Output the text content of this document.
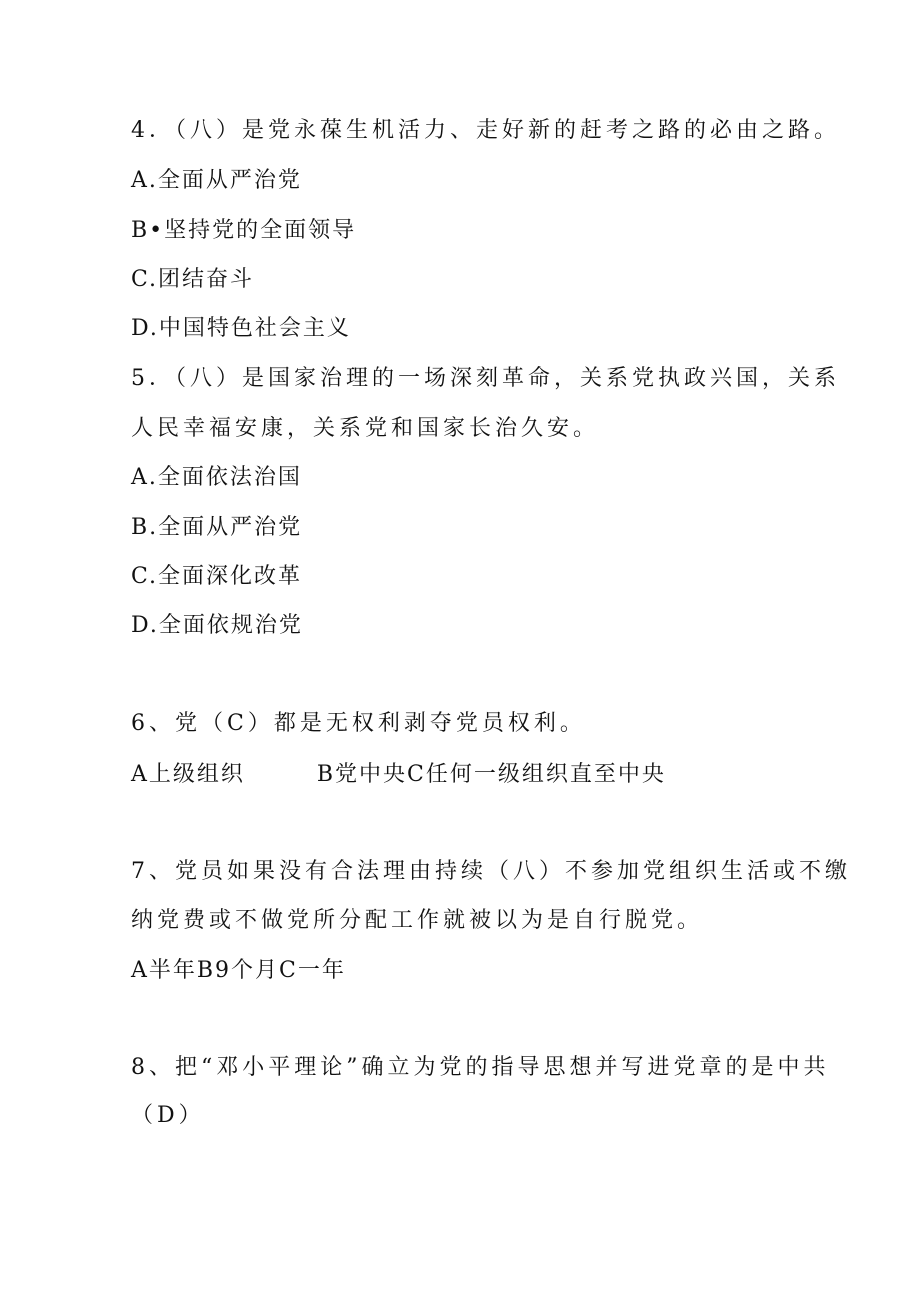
4．（八）是党永葆生机活力、走好新的赶考之路的必由之路。
A.全面从严治党
B•坚持党的全面领导
C.团结奋斗
D.中国特色社会主义
5．（八）是国家治理的一场深刻革命，关系党执政兴国，关系
人民幸福安康，关系党和国家长治久安。
A.全面依法治国
B.全面从严治党
C.全面深化改革
D.全面依规治党
6、党（C）都是无权利剥夺党员权利。
A上级组织        B党中央C任何一级组织直至中央
7、党员如果没有合法理由持续（八）不参加党组织生活或不缴
纳党费或不做党所分配工作就被以为是自行脱党。
A半年B9个月C一年
8、把“邓小平理论”确立为党的指导思想并写进党章的是中共
（D）
